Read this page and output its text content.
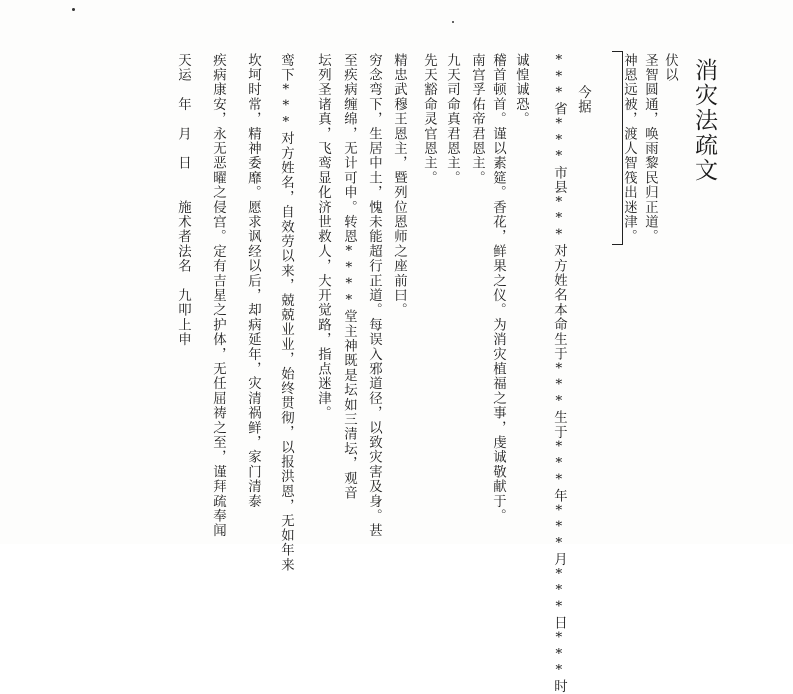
消灾法疏文
伏以
圣智圆通，唤雨黎民归正道。
神恩远被，渡人智筏出迷津。
今据
***省***市县***对方姓名本命生于***生于***年***月***日***时
诚惶诚恐。
稽首顿首。谨以素筵。香花，鲜果之仪。为消灾植福之事，虔诚敬献于。
南宫孚佑帝君恩主。
九天司命真君恩主。
先天豁命灵官恩主。
精忠武穆王恩主，暨列位恩师之座前曰。
穷念弯下，生居中土，愧未能超行正道。每误入邪道径，以致灾害及身。甚
至疾病缠绵，无计可申。转恩****堂主神既是坛如三清坛，观音
坛列圣诸真，飞鸾显化济世救人，大开觉路，指点迷津。
鸾下***对方姓名，自效劳以来，兢兢业业，始终贯彻，以报洪恩，无如年来
坎坷时常，精神委靡。愿求讽经以后，却病延年，灾清祸鲜，家门清泰
疾病康安，永无恶曜之侵宫。定有吉星之护体，无任屈祷之至，谨拜疏奉闻
天运　年　月　日　　施术者法名　九叩上申
